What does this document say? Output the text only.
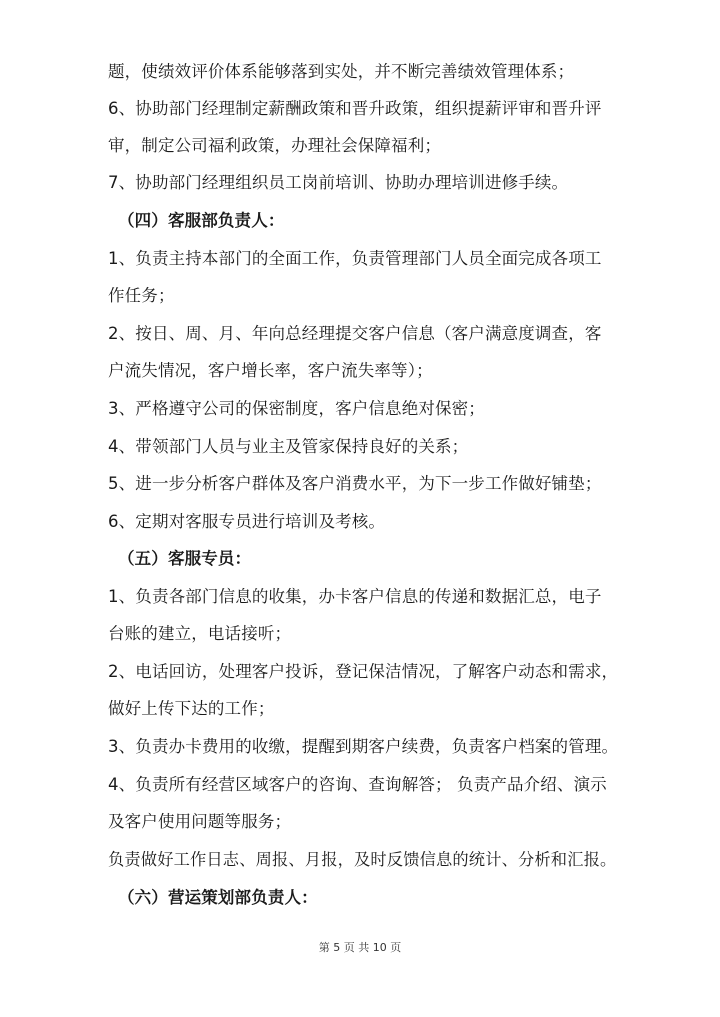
题，使绩效评价体系能够落到实处，并不断完善绩效管理体系；
6、协助部门经理制定薪酬政策和晋升政策，组织提薪评审和晋升评
审，制定公司福利政策，办理社会保障福利；
7、协助部门经理组织员工岗前培训、协助办理培训进修手续。
（四）客服部负责人：
1、负责主持本部门的全面工作，负责管理部门人员全面完成各项工
作任务；
2、按日、周、月、年向总经理提交客户信息（客户满意度调查，客
户流失情况，客户增长率，客户流失率等）；
3、严格遵守公司的保密制度，客户信息绝对保密；
4、带领部门人员与业主及管家保持良好的关系；
5、进一步分析客户群体及客户消费水平，为下一步工作做好铺垫；
6、定期对客服专员进行培训及考核。
（五）客服专员：
1、负责各部门信息的收集，办卡客户信息的传递和数据汇总，电子
台账的建立，电话接听；
2、电话回访，处理客户投诉，登记保洁情况，了解客户动态和需求，
做好上传下达的工作；
3、负责办卡费用的收缴，提醒到期客户续费，负责客户档案的管理。
4、负责所有经营区域客户的咨询、查询解答； 负责产品介绍、演示
及客户使用问题等服务；
负责做好工作日志、周报、月报，及时反馈信息的统计、分析和汇报。
（六）营运策划部负责人：
第 5 页 共 10 页
